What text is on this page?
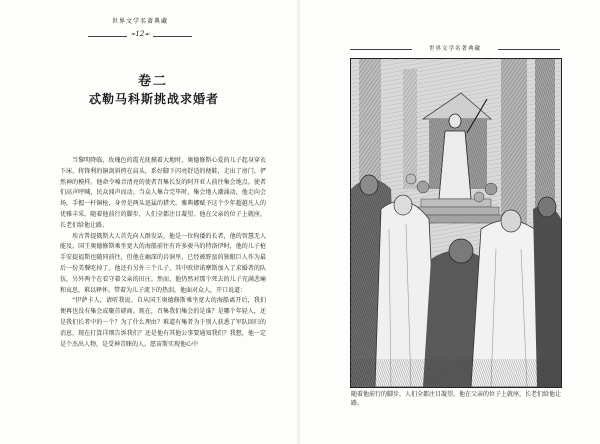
世界文学名著典藏
❧12☙
卷二
忒勒马科斯挑战求婚者

当黎明降临，玫瑰色的霞光抚摸着大地时，奥德修斯心爱的儿子起身穿衣下床，将锋利的铜剑斜挎在肩头，系好脚下闪亮舒适的便鞋，走出了房门，俨然神的模样。他命令嗓音清亮的使者召集长发的阿开亚人前往集会地点。使者们高声呼喊，民众闻声而动。当众人集合完毕时，集会地人潮涌动，他走向会场，手握一杆铜枪，身旁是两头迅猛的猎犬。雅典娜赋予这个少年超越凡人的优雅丰采。随着他前行的脚步，人们全都注目凝望。他在父亲的位子上就座，长老们给他让路。

埃古普提俄斯大人首先向人群发话，他是一位佝偻的长者，他的智慧无人能及。国王奥德修斯乘坐宽大的海船前往有许多骏马的特洛伊时，他的儿子枪手安提福斯也随同前往，但他在幽深的岩洞里，已经被野蛮的独眼巨人作为最后一份美餐吃掉了。他还有另外三个儿子，其中欧律诺摩斯加入了求婚者的队伍，另外两个在看守着父亲的田庄。然而，他仍然对那个死去的儿子充满悲痛和哀思，难以释怀。带着为儿子流下的热泪，他面对众人，开口说道：

“伊萨卡人，请听我说。自从国王奥德修斯乘坐宽大的海船离开后，我们便再也没有集会或聚首磋商。现在，召集我们集会的是谁？是哪个年轻人，还是我们长者中的一个？为了什么理由？难道有集者为于别人获悉了军队回归的消息，现在打算详细告诉我们？还是他有其他公事要通知我们？我想，他一定是个杰出人物，是受神青睐的人。愿宙斯实现他心中

世界文学名著典藏
随着他前行的脚步，人们全都注目凝望。他在父亲的位子上就座，长老们给他让路。
